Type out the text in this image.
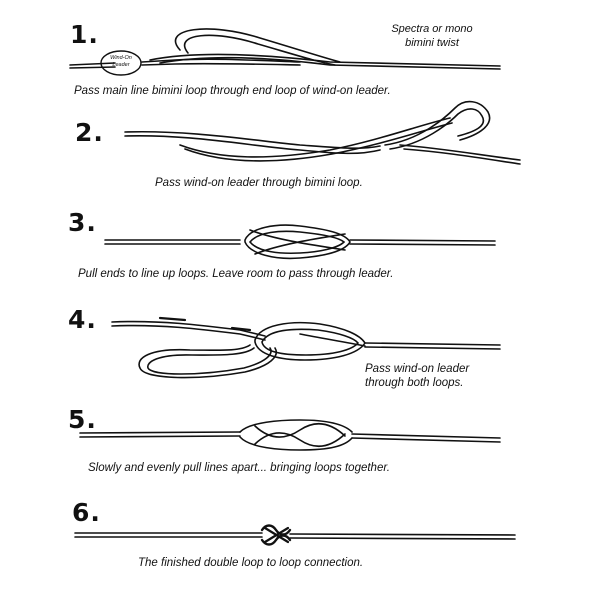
1.	Spectra or mono
bimini twist
Wind-On
Leader
Pass main line bimini loop through end loop of wind-on leader.
2.
Pass wind-on leader through bimini loop.
3.
Pull ends to line up loops. Leave room to pass through leader.
4.
Pass wind-on leader
through both loops.
5.
Slowly and evenly pull lines apart... bringing loops together.
6.
The finished double loop to loop connection.
